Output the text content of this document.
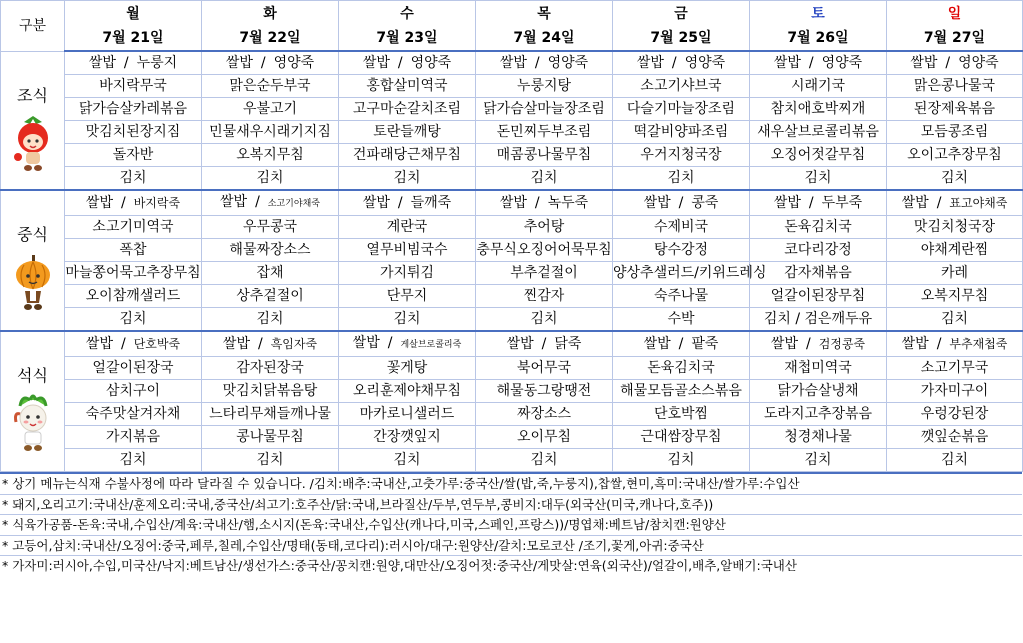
구분	월	화	수	목	금	토	일
	7월 21일	7월 22일	7월 23일	7월 24일	7월 25일	7월 26일	7월 27일

조식	쌀밥 / 누룽지	쌀밥 / 영양죽	쌀밥 / 영양죽	쌀밥 / 영양죽	쌀밥 / 영양죽	쌀밥 / 영양죽	쌀밥 / 영양죽
	바지락무국	맑은순두부국	홍합살미역국	누룽지탕	소고기샤브국	시래기국	맑은콩나물국
	닭가슴살카레볶음	우불고기	고구마순갈치조림	닭가슴살마늘장조림	다슬기마늘장조림	참치애호박찌개	된장제육볶음
	맛김치된장지짐	민물새우시래기지짐	토란들깨탕	돈민찌두부조림	떡갈비양파조림	새우살브로콜리볶음	모듬콩조림
	돌자반	오복지무침	건파래당근채무침	매콤콩나물무침	우거지청국장	오징어젓갈무침	오이고추장무침
	김치	김치	김치	김치	김치	김치	김치

중식	쌀밥 / 바지락죽	쌀밥 / 소고기야채죽	쌀밥 / 들깨죽	쌀밥 / 녹두죽	쌀밥 / 콩죽	쌀밥 / 두부죽	쌀밥 / 표고야채죽
	소고기미역국	우무콩국	계란국	추어탕	수제비국	돈육김치국	맛김치청국장
	폭찹	해물짜장소스	열무비빔국수	충무식오징어어묵무침	탕수강정	코다리강정	야채계란찜
	마늘쫑어묵고추장무침	잡채	가지튀김	부추겉절이	양상추샐러드/키위드레싱	감자채볶음	카레
	오이참깨샐러드	상추겉절이	단무지	찐감자	숙주나물	얼갈이된장무침	오복지무침
	김치	김치	김치	김치	수박	김치 / 검은깨두유	김치

석식	쌀밥 / 단호박죽	쌀밥 / 흑임자죽	쌀밥 / 게살브로콜리죽	쌀밥 / 닭죽	쌀밥 / 팥죽	쌀밥 / 검정콩죽	쌀밥 / 부추재첩죽
	얼갈이된장국	감자된장국	꽃게탕	북어무국	돈육김치국	재첩미역국	소고기무국
	삼치구이	맛김치닭볶음탕	오리훈제야채무침	해물동그랑땡전	해물모듬골소스볶음	닭가슴살냉채	가자미구이
	숙주맛살겨자채	느타리무채들깨나물	마카로니샐러드	짜장소스	단호박찜	도라지고추장볶음	우렁강된장
	가지볶음	콩나물무침	간장깻잎지	오이무침	근대쌈장무침	청경채나물	깻잎순볶음
	김치	김치	김치	김치	김치	김치	김치
* 상기 메뉴는식재 수불사정에 따라 달라질 수 있습니다. /김치:배추:국내산,고춧가루:중국산/쌀(밥,죽,누룽지),찹쌀,현미,흑미:국내산/쌀가루:수입산
* 돼지,오리고기:국내산/훈제오리:국내,중국산/쇠고기:호주산/닭:국내,브라질산/두부,연두부,콩비지:대두(외국산(미국,캐나다,호주))
* 식육가공품-돈육:국내,수입산/계육:국내산/햄,소시지(돈육:국내산,수입산(캐나다,미국,스페인,프랑스))/명엽채:베트남/참치캔:원양산
* 고등어,삼치:국내산/오징어:중국,페루,칠레,수입산/명태(동태,코다리):러시아/대구:원양산/갈치:모로코산 /조기,꽃게,아귀:중국산
* 가자미:러시아,수입,미국산/낙지:베트남산/생선가스:중국산/꽁치캔:원양,대만산/오징어젓:중국산/게맛살:연육(외국산)/얼갈이,배추,알배기:국내산
